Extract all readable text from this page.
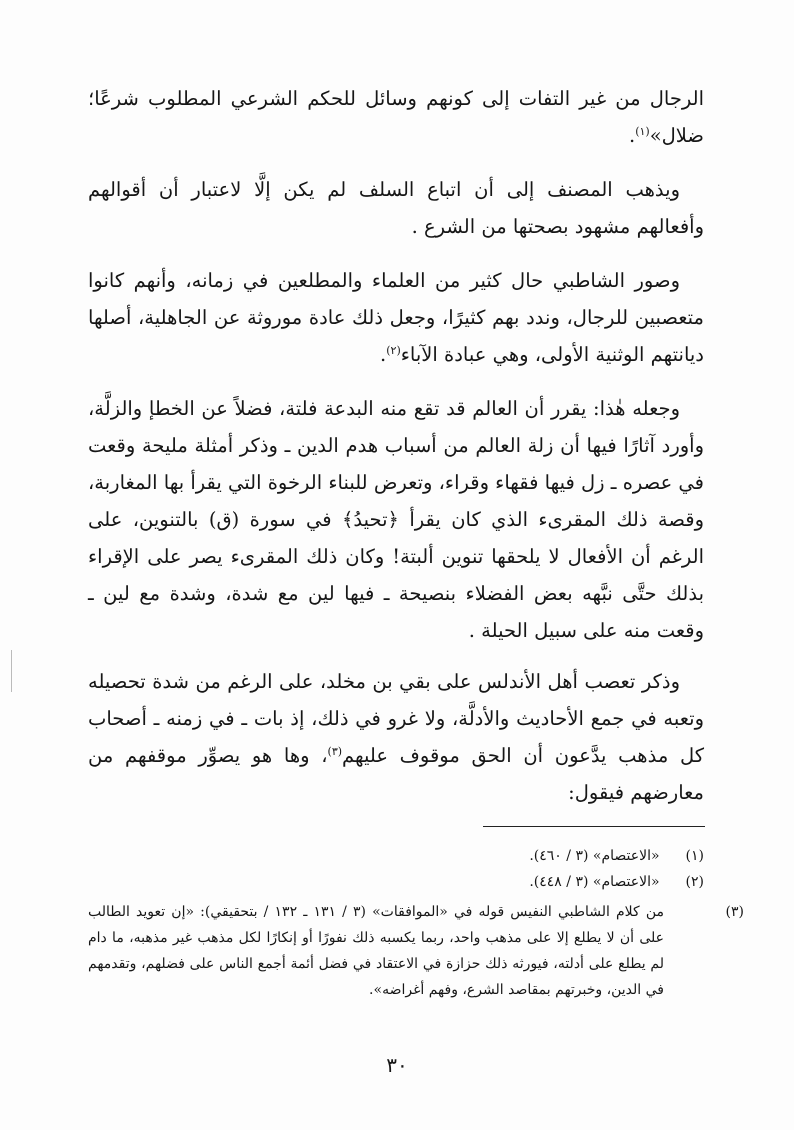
الرجال من غير التفات إلى كونهم وسائل للحكم الشرعي المطلوب شرعًا؛ ضلال»$^{(١)}$.

ويذهب المصنف إلى أن اتباع السلف لم يكن إلَّا لاعتبار أن أقوالهم وأفعالهم مشهود بصحتها من الشرع .

وصور الشاطبي حال كثير من العلماء والمطلعين في زمانه، وأنهم كانوا متعصبين للرجال، وندد بهم كثيرًا، وجعل ذلك عادة موروثة عن الجاهلية، أصلها ديانتهم الوثنية الأولى، وهي عبادة الآباء$^{(٢)}$.

وجعله هٰذا: يقرر أن العالم قد تقع منه البدعة فلتة، فضلاً عن الخطإ والزلَّة، وأورد آثارًا فيها أن زلة العالم من أسباب هدم الدين ـ وذكر أمثلة مليحة وقعت في عصره ـ زل فيها فقهاء وقراء، وتعرض للبناء الرخوة التي يقرأ بها المغاربة، وقصة ذلك المقرىء الذي كان يقرأ ﴿تحيدُ﴾ في سورة (ق) بالتنوين، على الرغم أن الأفعال لا يلحقها تنوين ألبتة! وكان ذلك المقرىء يصر على الإقراء بذلك حتَّى نبَّهه بعض الفضلاء بنصيحة ـ فيها لين مع شدة، وشدة مع لين ـ وقعت منه على سبيل الحيلة .

وذكر تعصب أهل الأندلس على بقي بن مخلد، على الرغم من شدة تحصيله وتعبه في جمع الأحاديث والأدلَّة، ولا غرو في ذلك، إذ بات ـ في زمنه ـ أصحاب كل مذهب يدَّعون أن الحق موقوف عليهم$^{(٣)}$، وها هو يصوِّر موقفهم من معارضهم فيقول:

(١) «الاعتصام» (٣ / ٤٦٠).
(٢) «الاعتصام» (٣ / ٤٤٨).
(٣)من كلام الشاطبي النفيس قوله في «الموافقات» (٣ / ١٣١ ـ ١٣٢ / بتحقيقي): «إن تعويد الطالب على أن لا يطلع إلا على مذهب واحد، ربما يكسبه ذلك نفورًا أو إنكارًا لكل مذهب غير مذهبه، ما دام لم يطلع على أدلته، فيورثه ذلك حزازة في الاعتقاد في فضل أئمة أجمع الناس على فضلهم، وتقدمهم في الدين، وخبرتهم بمقاصد الشرع، وفهم أغراضه».
٣٠
